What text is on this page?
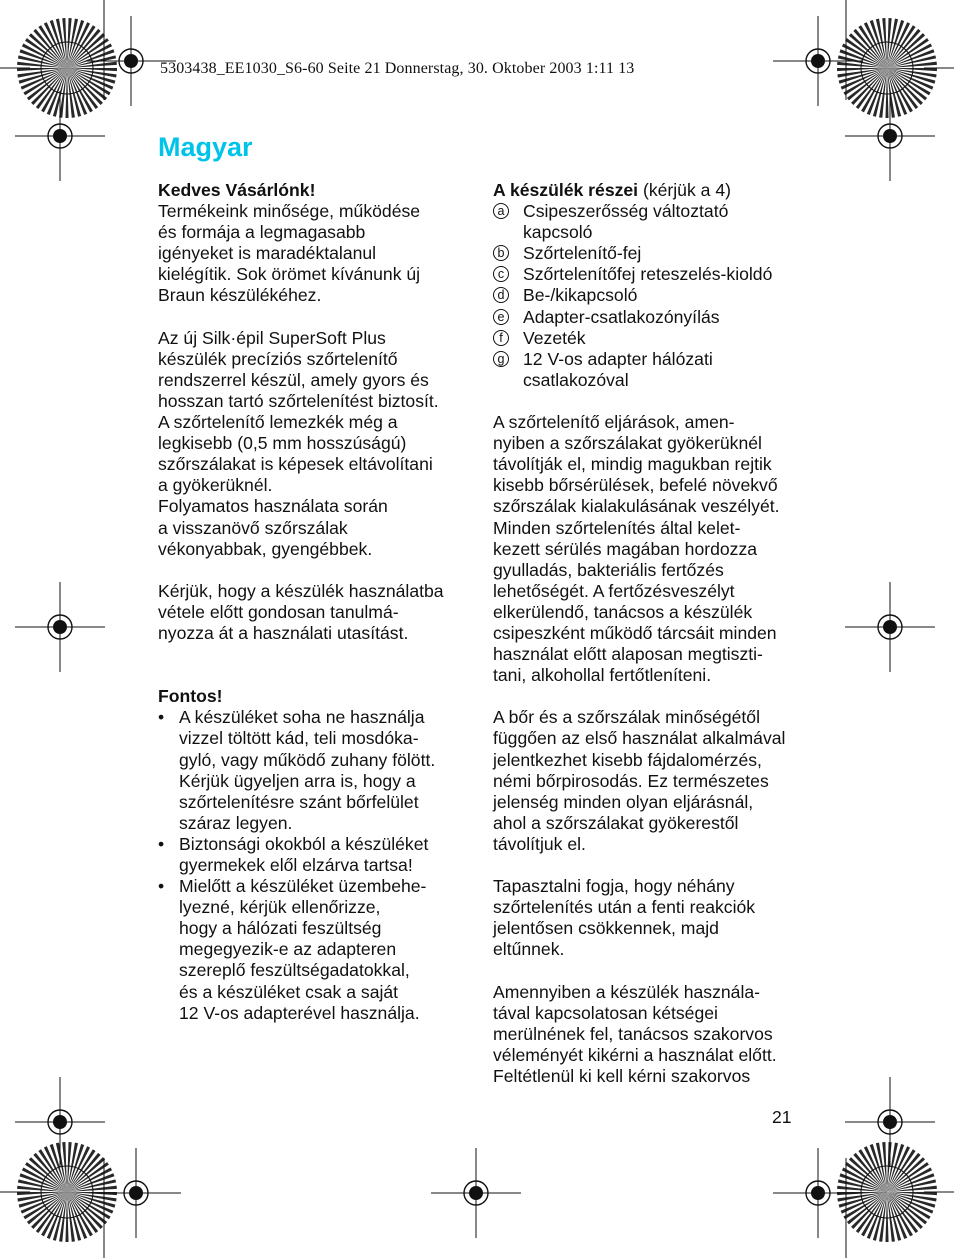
5303438_EE1030_S6-60 Seite 21 Donnerstag, 30. Oktober 2003 1:11 13
Magyar

Kedves Vásárlónk!

Termékeink minősége, működése

és formája a legmagasabb

igényeket is maradéktalanul

kielégítik. Sok örömet kívánunk új

Braun készülékéhez.

Az új Silk·épil SuperSoft Plus

készülék precíziós szőrtelenítő

rendszerrel készül, amely gyors és

hosszan tartó szőrtelenítést biztosít.

A szőrtelenítő lemezkék még a

legkisebb (0,5 mm hosszúságú)

szőrszálakat is képesek eltávolítani

a gyökerüknél.

Folyamatos használata során

a visszanövő szőrszálak

vékonyabbak, gyengébbek.

Kérjük, hogy a készülék használatba

vétele előtt gondosan tanulmá-

nyozza át a használati utasítást.

Fontos!

• A készüléket soha ne használja

vizzel töltött kád, teli mosdóka-

gyló, vagy működő zuhany fölött.

Kérjük ügyeljen arra is, hogy a

szőrtelenítésre szánt bőrfelület

száraz legyen.

• Biztonsági okokból a készüléket

gyermekek elől elzárva tartsa!

• Mielőtt a készüléket üzembehe-

lyezné, kérjük ellenőrizze,

hogy a hálózati feszültség

megegyezik-e az adapteren

szereplő feszültségadatokkal,

és a készüléket csak a saját

12 V-os adapterével használja.

A készülék részei (kérjük a 4)

a Csipeszerősség változtató

kapcsoló

b Szőrtelenítő-fej

c Szőrtelenítőfej reteszelés-kioldó

d Be-/kikapcsoló

e Adapter-csatlakozónyílás

f	Vezeték

g 12 V-os adapter hálózati

csatlakozóval

A szőrtelenítő eljárások, amen-

nyiben a szőrszálakat gyökerüknél

távolítják el, mindig magukban rejtik

kisebb bőrsérülések, befelé növekvő

szőrszálak kialakulásának veszélyét.

Minden szőrtelenítés által kelet-

kezett sérülés magában hordozza

gyulladás, bakteriális fertőzés

lehetőségét. A fertőzésveszélyt

elkerülendő, tanácsos a készülék

csipeszként működő tárcsáit minden

használat előtt alaposan megtiszti-

tani, alkohollal fertőtleníteni.

A bőr és a szőrszálak minőségétől

függően az első használat alkalmával

jelentkezhet kisebb fájdalomérzés,

némi bőrpirosodás. Ez természetes

jelenség minden olyan eljárásnál,

ahol a szőrszálakat gyökerestől

távolítjuk el.

Tapasztalni fogja, hogy néhány

szőrtelenítés után a fenti reakciók

jelentősen csökkennek, majd

eltűnnek.

Amennyiben a készülék használa-

tával kapcsolatosan kétségei

merülnének fel, tanácsos szakorvos

véleményét kikérni a használat előtt.

Feltétlenül ki kell kérni szakorvos

21
